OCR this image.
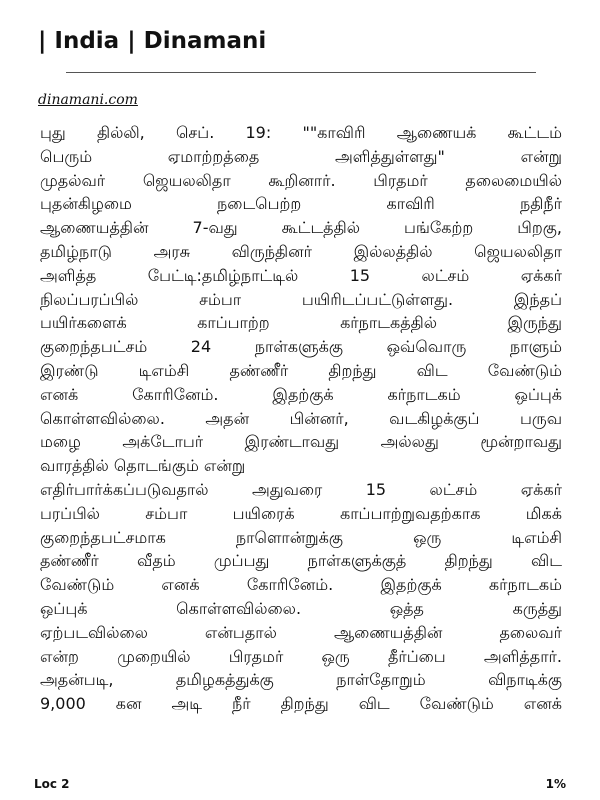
| India | Dinamani
dinamani.com
புது தில்லி, செப். 19: ""காவிரி ஆணையக் கூட்டம்
பெரும் ஏமாற்றத்தை அளித்துள்ளது" என்று
முதல்வர் ஜெயலலிதா கூறினார். பிரதமர் தலைமையில்
புதன்கிழமை நடைபெற்ற காவிரி நதிநீர்
ஆணையத்தின் 7-வது கூட்டத்தில் பங்கேற்ற பிறகு,
தமிழ்நாடு அரசு விருந்தினர் இல்லத்தில் ஜெயலலிதா
அளித்த பேட்டி:தமிழ்நாட்டில் 15 லட்சம் ஏக்கர்
நிலப்பரப்பில் சம்பா பயிரிடப்பட்டுள்ளது. இந்தப்
பயிர்களைக் காப்பாற்ற கர்நாடகத்தில் இருந்து
குறைந்தபட்சம் 24 நாள்களுக்கு ஒவ்வொரு நாளும்
இரண்டு டிஎம்சி தண்ணீர் திறந்து விட வேண்டும்
எனக் கோரினேம். இதற்குக் கர்நாடகம் ஒப்புக்
கொள்ளவில்லை. அதன் பின்னர், வடகிழக்குப் பருவ
மழை அக்டோபர் இரண்டாவது அல்லது மூன்றாவது
வாரத்தில் தொடங்கும் என்று
எதிர்பார்க்கப்படுவதால் அதுவரை 15 லட்சம் ஏக்கர்
பரப்பில் சம்பா பயிரைக் காப்பாற்றுவதற்காக மிகக்
குறைந்தபட்சமாக நாளொன்றுக்கு ஒரு டிஎம்சி
தண்ணீர் வீதம் முப்பது நாள்களுக்குத் திறந்து விட
வேண்டும் எனக் கோரினேம். இதற்குக் கர்நாடகம்
ஒப்புக் கொள்ளவில்லை. ஒத்த கருத்து
ஏற்படவில்லை என்பதால் ஆணையத்தின் தலைவர்
என்ற முறையில் பிரதமர் ஒரு தீர்ப்பை அளித்தார்.
அதன்படி, தமிழகத்துக்கு நாள்தோறும் விநாடிக்கு
9,000 கன அடி நீர் திறந்து விட வேண்டும் எனக்
Loc 2	1%
